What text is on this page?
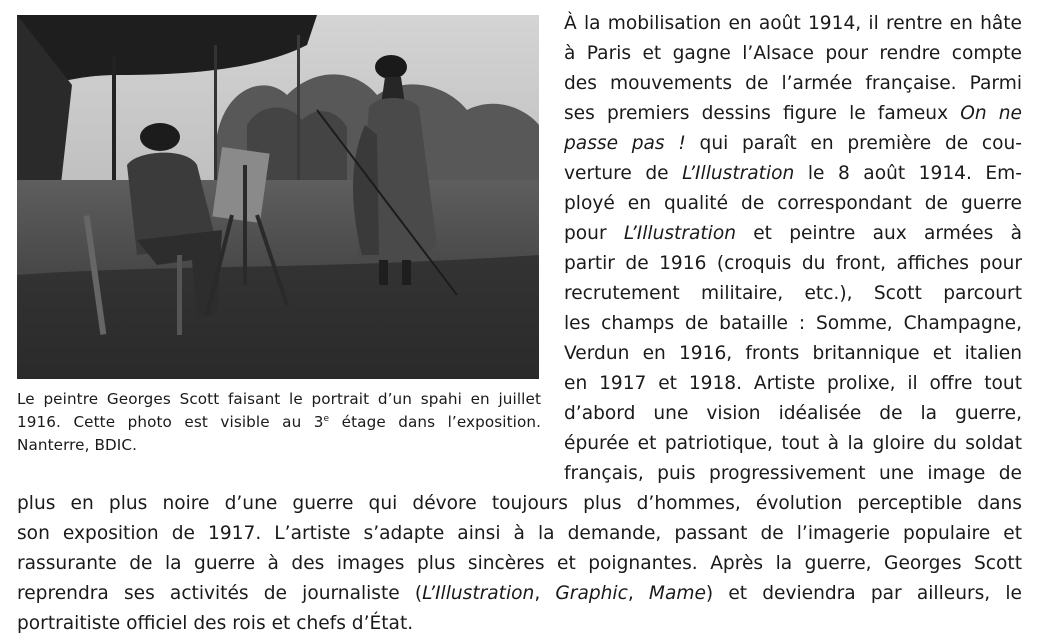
Le peintre Georges Scott faisant le portrait d’un spahi en juillet 1916. Cette photo est visible au 3e étage dans l’exposition. Nanterre, BDIC.
À la mobilisation en août 1914, il rentre en hâte
à Paris et gagne l’Alsace pour rendre compte
des mouvements de l’armée française. Parmi
ses premiers dessins figure le fameux On ne
passe pas ! qui paraît en première de cou-
verture de L’Illustration le 8 août 1914. Em-
ployé en qualité de correspondant de guerre
pour L’Illustration et peintre aux armées à
partir de 1916 (croquis du front, affiches pour
recrutement militaire, etc.), Scott parcourt
les champs de bataille : Somme, Champagne,
Verdun en 1916, fronts britannique et italien
en 1917 et 1918. Artiste prolixe, il offre tout
d’abord une vision idéalisée de la guerre,
épurée et patriotique, tout à la gloire du soldat
français, puis progressivement une image de
plus en plus noire d’une guerre qui dévore toujours plus d’hommes, évolution perceptible dans
son exposition de 1917. L’artiste s’adapte ainsi à la demande, passant de l’imagerie populaire et
rassurante de la guerre à des images plus sincères et poignantes. Après la guerre, Georges Scott
reprendra ses activités de journaliste (L’Illustration, Graphic, Mame) et deviendra par ailleurs, le
portraitiste officiel des rois et chefs d’État.
